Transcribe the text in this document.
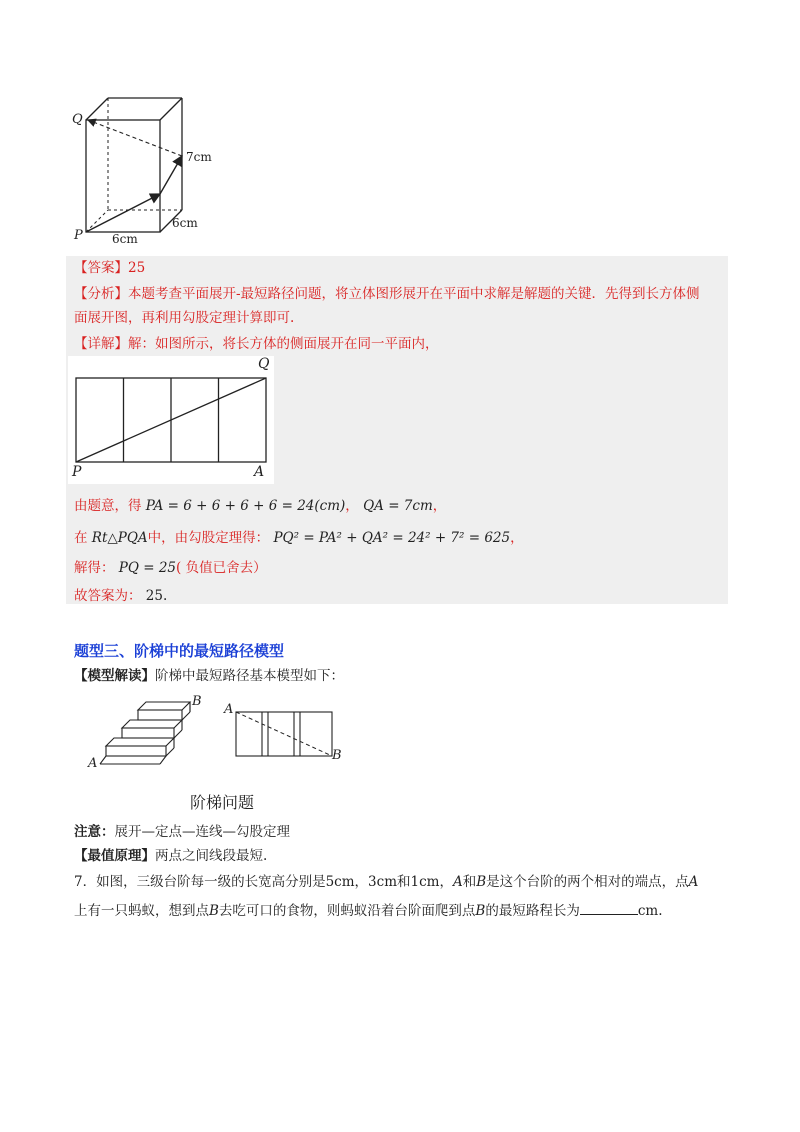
Q
P
7cm
6cm
6cm
【答案】25
【分析】本题考查平面展开-最短路径问题，将立体图形展开在平面中求解是解题的关键．先得到长方体侧
面展开图，再利用勾股定理计算即可.
【详解】解：如图所示，将长方体的侧面展开在同一平面内，
Q
P	A
由题意，得 PA = 6 + 6 + 6 + 6 = 24(cm)， QA = 7cm，
在 Rt△PQA中，由勾股定理得： PQ² = PA² + QA² = 24² + 7² = 625，
解得： PQ = 25( 负值已舍去）
故答案为： 25.
题型三、阶梯中的最短路径模型
【模型解读】阶梯中最短路径基本模型如下：
A
B
A
B
阶梯问题
注意：展开—定点—连线—勾股定理
【最值原理】两点之间线段最短.
7．如图，三级台阶每一级的长宽高分别是5cm，3cm和1cm，A和B是这个台阶的两个相对的端点，点A
上有一只蚂蚁，想到点B去吃可口的食物，则蚂蚁沿着台阶面爬到点B的最短路程长为	cm.
